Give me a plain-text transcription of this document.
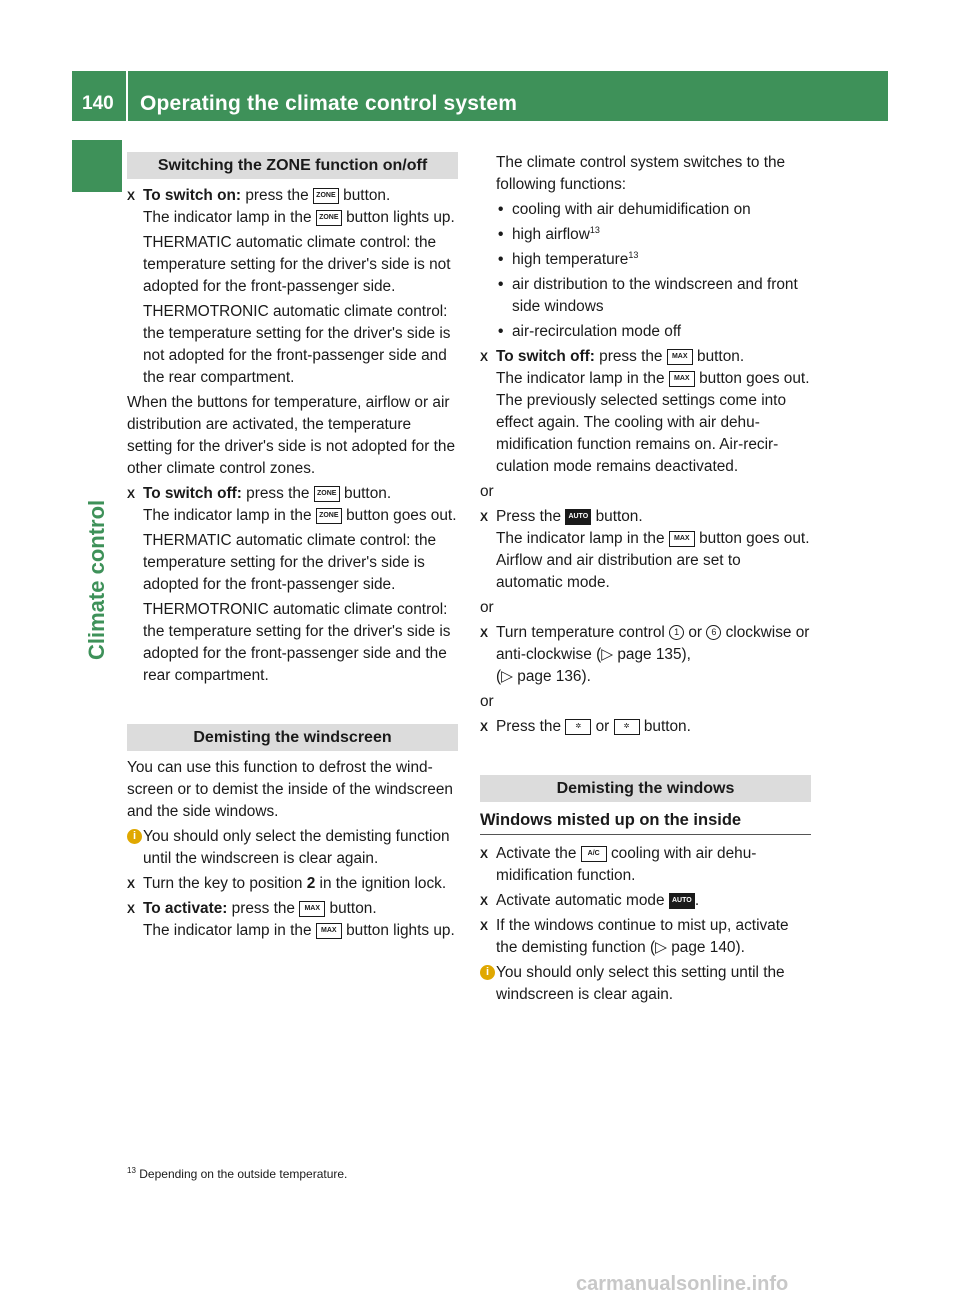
140 Operating the climate control system
Climate control
Switching the ZONE function on/off
X To switch on: press the ZONE button.
The indicator lamp in the ZONE button lights up.

THERMATIC automatic climate control: the temperature setting for the driver's side is not adopted for the front-passenger side.

THERMOTRONIC automatic climate control: the temperature setting for the driver's side is not adopted for the front-passenger side and the rear compartment.

When the buttons for temperature, airflow or air distribution are activated, the temperature setting for the driver's side is not adopted for the other climate control zones.

X To switch off: press the ZONE button.
The indicator lamp in the ZONE button goes out.

THERMATIC automatic climate control: the temperature setting for the driver's side is adopted for the front-passenger side.

THERMOTRONIC automatic climate control: the temperature setting for the driver's side is adopted for the front-passenger side and the rear compartment.

Demisting the windscreen

You can use this function to defrost the windscreen or to demist the inside of the windscreen and the side windows.

i You should only select the demisting function until the windscreen is clear again.
X Turn the key to position 2 in the ignition lock.
X To activate: press the MAX button.
The indicator lamp in the MAX button lights up.

The climate control system switches to the following functions:

• cooling with air dehumidification on
• high airflow$^{13}$
• high temperature$^{13}$
• air distribution to the windscreen and front side windows
• air-recirculation mode off
X To switch off: press the MAX button.
The indicator lamp in the MAX button goes out. The previously selected settings come into effect again. The cooling with air dehumidification function remains on. Air-recirculation mode remains deactivated.

or

X Press the AUTO button.
The indicator lamp in the MAX button goes out. Airflow and air distribution are set to automatic mode.

or

X Turn temperature control 1 or 6 clockwise or anti-clockwise (▷ page 135),
(▷ page 136).

or

X Press the ✲ or ✲ button.
Demisting the windows
Windows misted up on the inside
X Activate the A/C cooling with air dehumidification function.
X Activate automatic mode AUTO .
X If the windows continue to mist up, activate the demisting function (▷ page 140).
i You should only select this setting until the windscreen is clear again.
$^{13}$ Depending on the outside temperature.
carmanualsonline.info
